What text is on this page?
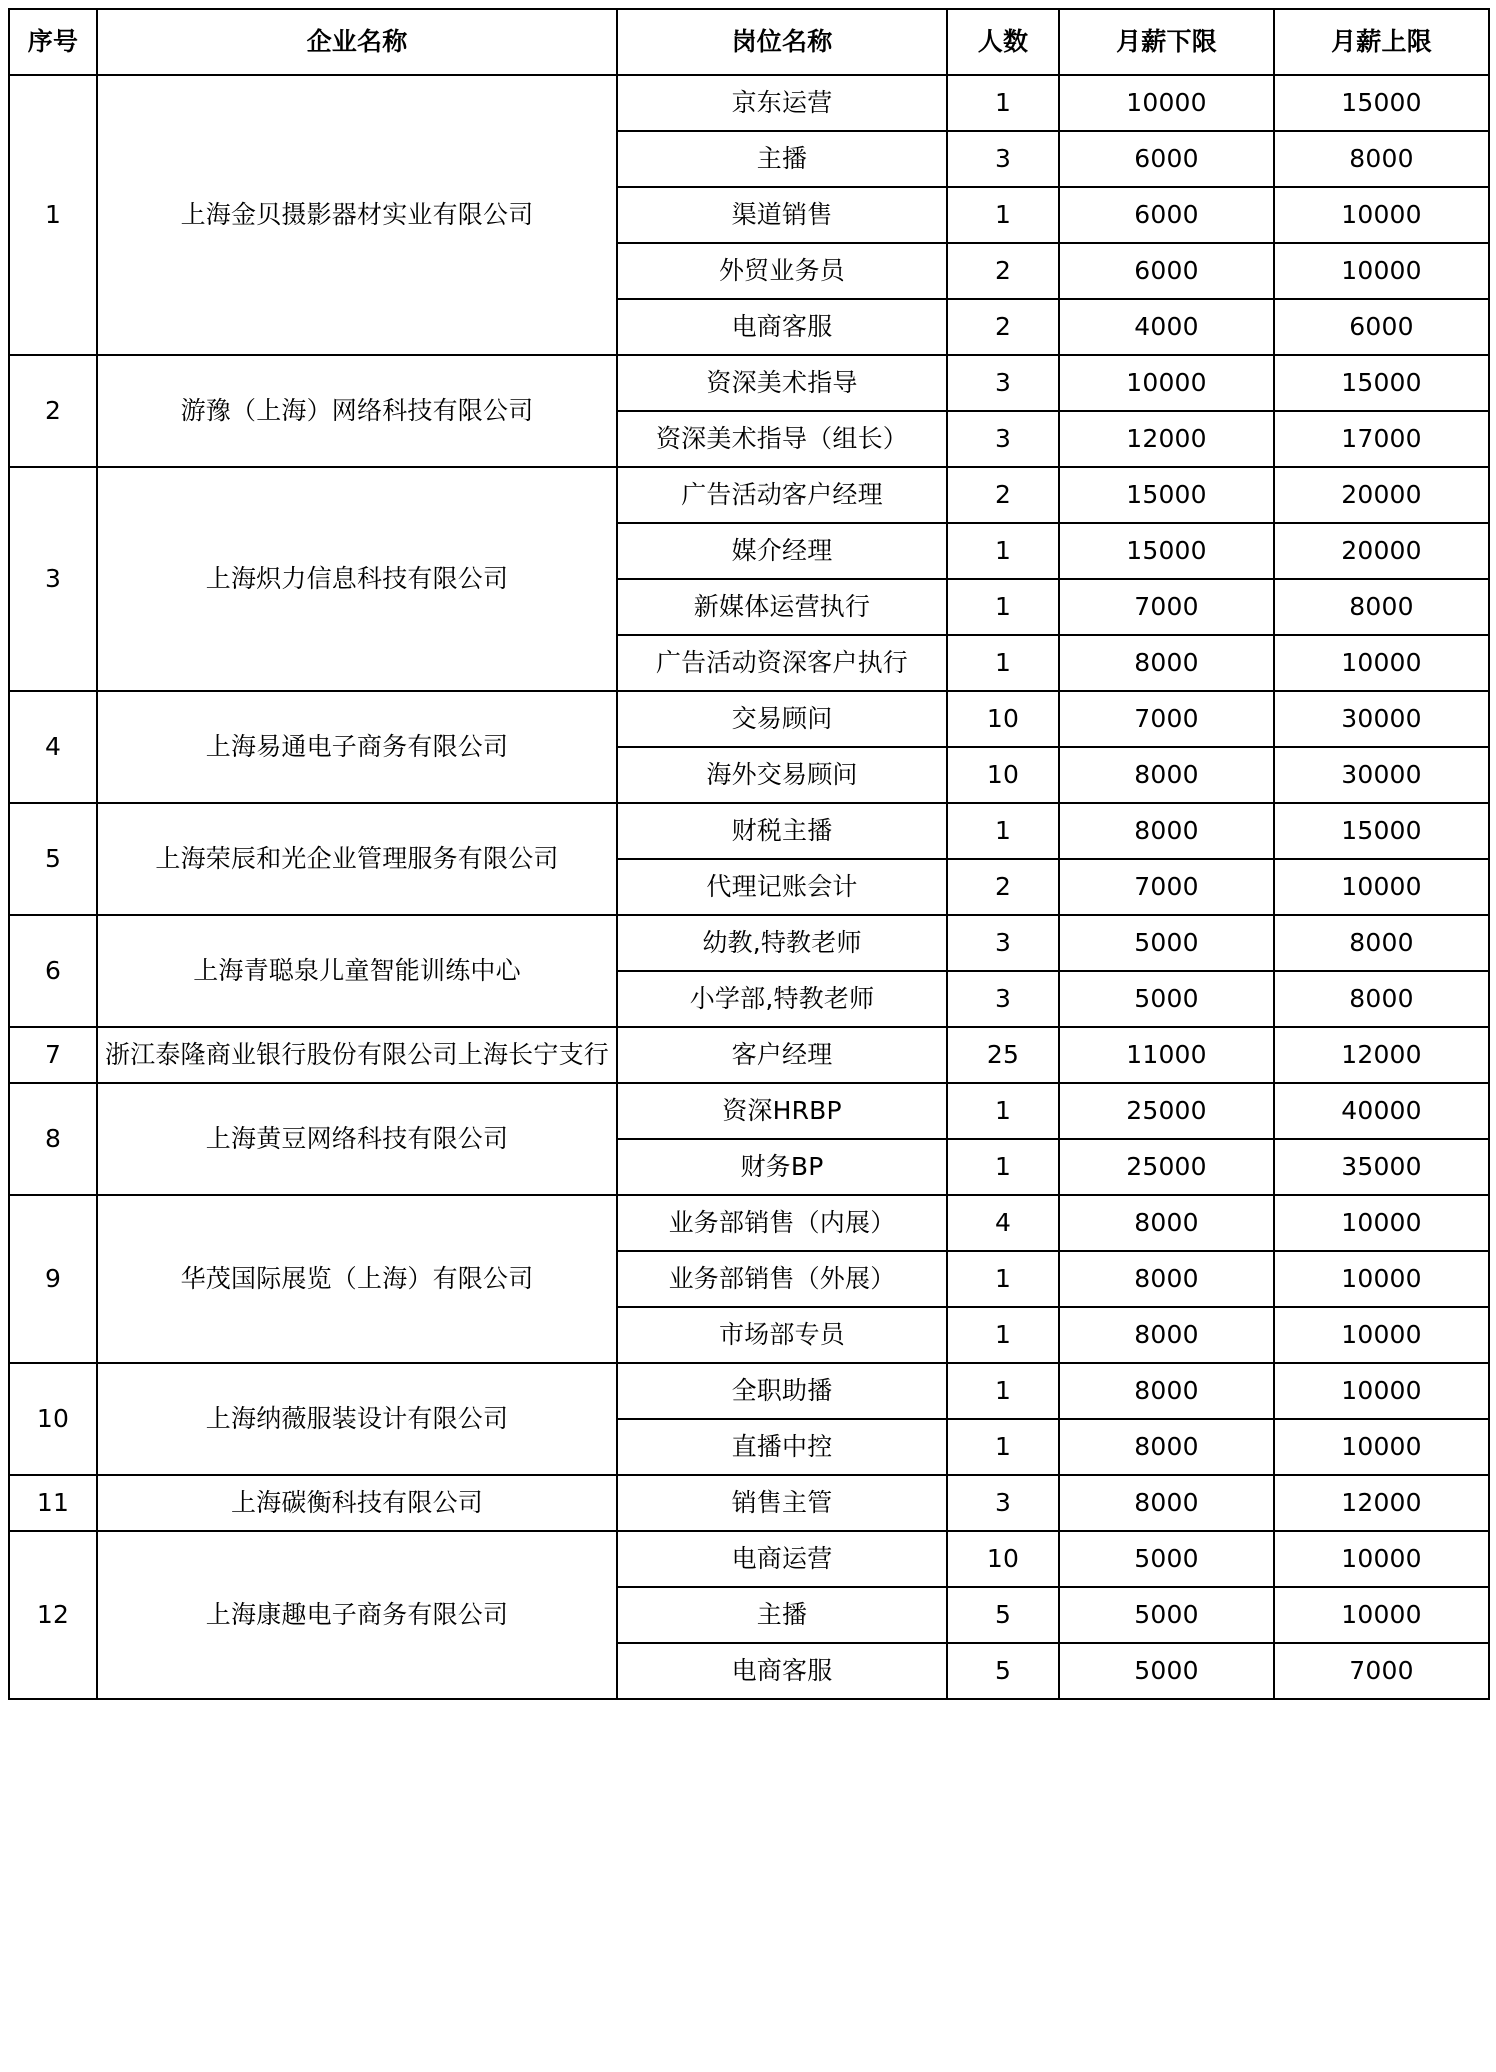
序号	企业名称	岗位名称	人数	月薪下限	月薪上限
1	上海金贝摄影器材实业有限公司	京东运营	1	10000	15000
		主播	3	6000	8000
		渠道销售	1	6000	10000
		外贸业务员	2	6000	10000
		电商客服	2	4000	6000
2	游豫（上海）网络科技有限公司	资深美术指导	3	10000	15000
		资深美术指导（组长）	3	12000	17000
3	上海炽力信息科技有限公司	广告活动客户经理	2	15000	20000
		媒介经理	1	15000	20000
		新媒体运营执行	1	7000	8000
		广告活动资深客户执行	1	8000	10000
4	上海易通电子商务有限公司	交易顾问	10	7000	30000
		海外交易顾问	10	8000	30000
5	上海荣辰和光企业管理服务有限公司	财税主播	1	8000	15000
		代理记账会计	2	7000	10000
6	上海青聪泉儿童智能训练中心	幼教,特教老师	3	5000	8000
		小学部,特教老师	3	5000	8000
7	浙江泰隆商业银行股份有限公司上海长宁支行	客户经理	25	11000	12000
8	上海黄豆网络科技有限公司	资深HRBP	1	25000	40000
		财务BP	1	25000	35000
9	华茂国际展览（上海）有限公司	业务部销售（内展）	4	8000	10000
		业务部销售（外展）	1	8000	10000
		市场部专员	1	8000	10000
10	上海纳薇服装设计有限公司	全职助播	1	8000	10000
		直播中控	1	8000	10000
11	上海碳衡科技有限公司	销售主管	3	8000	12000
12	上海康趣电子商务有限公司	电商运营	10	5000	10000
		主播	5	5000	10000
		电商客服	5	5000	7000
